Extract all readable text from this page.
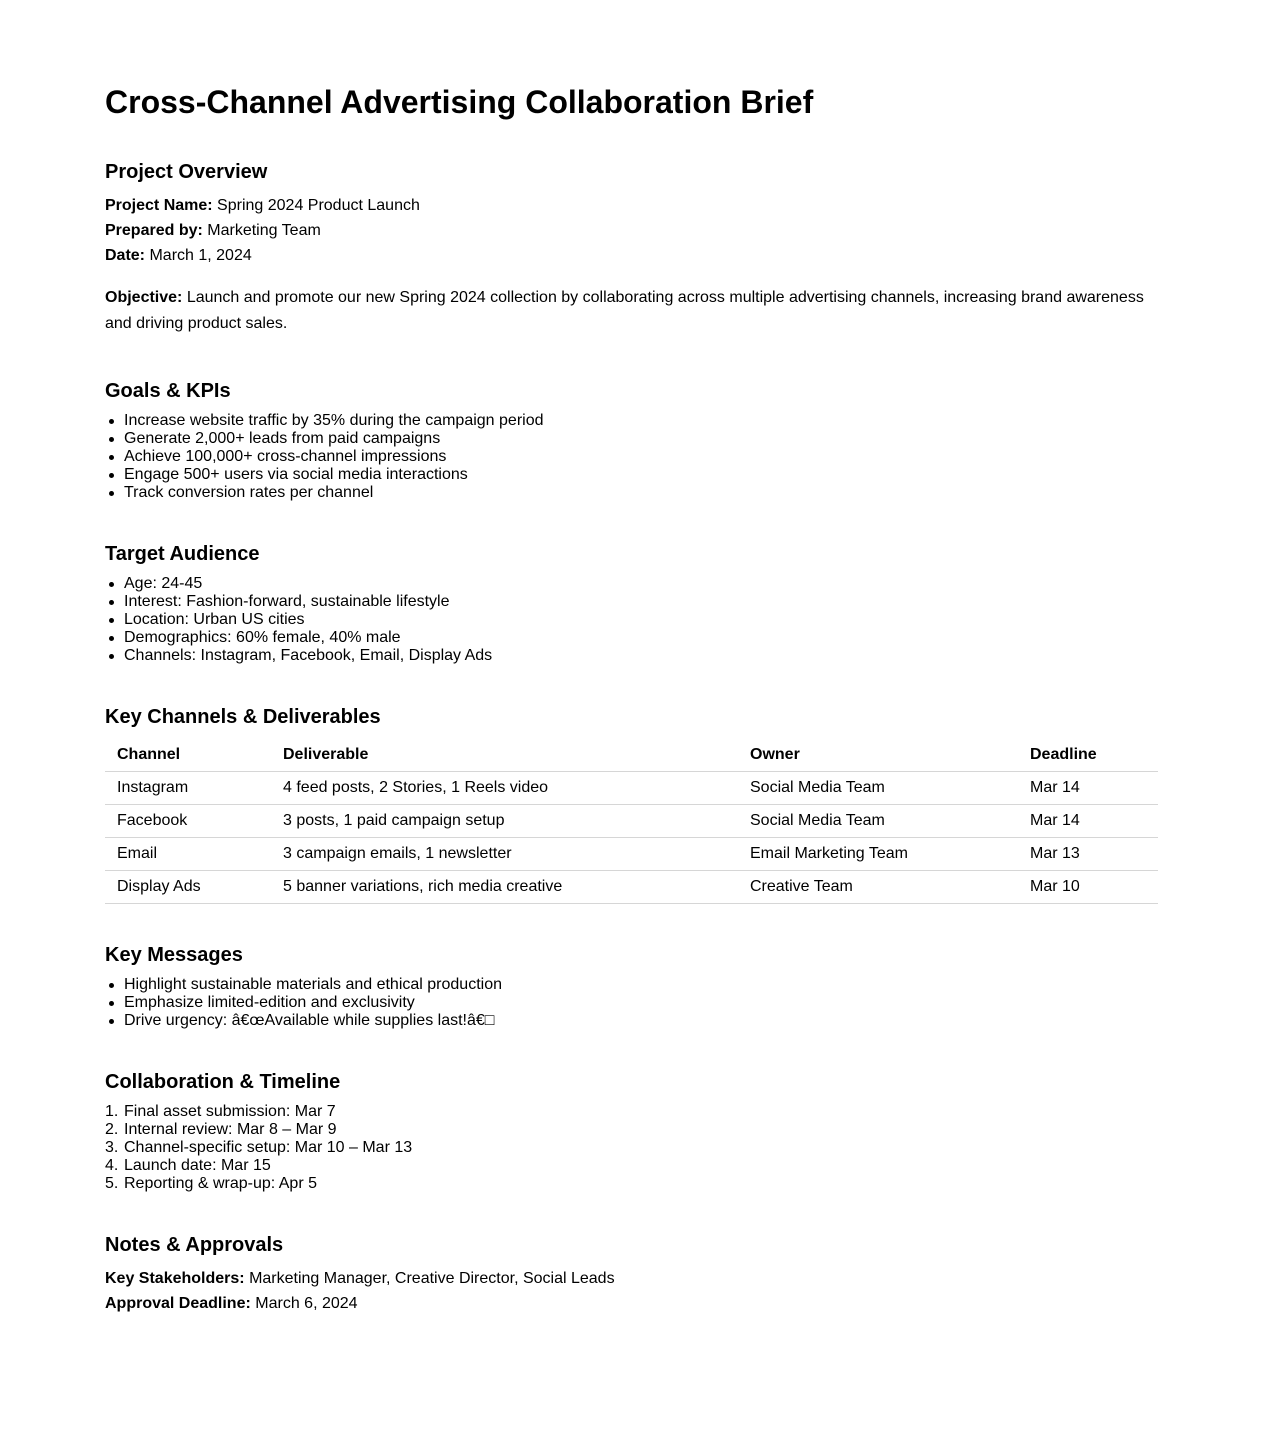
Cross-Channel Advertising Collaboration Brief
Project Overview

Project Name: Spring 2024 Product Launch

Prepared by: Marketing Team

Date: March 1, 2024

Objective: Launch and promote our new Spring 2024 collection by collaborating across multiple advertising channels, increasing brand awareness and driving product sales.

Goals & KPIs
Increase website traffic by 35% during the campaign period
Generate 2,000+ leads from paid campaigns
Achieve 100,000+ cross-channel impressions
Engage 500+ users via social media interactions
Track conversion rates per channel
Target Audience
Age: 24-45
Interest: Fashion-forward, sustainable lifestyle
Location: Urban US cities
Demographics: 60% female, 40% male
Channels: Instagram, Facebook, Email, Display Ads
Key Channels & Deliverables
Channel	Deliverable	Owner	Deadline
Instagram	4 feed posts, 2 Stories, 1 Reels video	Social Media Team	Mar 14
Facebook	3 posts, 1 paid campaign setup	Social Media Team	Mar 14
Email	3 campaign emails, 1 newsletter	Email Marketing Team	Mar 13
Display Ads	5 banner variations, rich media creative	Creative Team	Mar 10
Key Messages
Highlight sustainable materials and ethical production
Emphasize limited-edition and exclusivity
Drive urgency: â€œAvailable while supplies last!â€□
Collaboration & Timeline
1. Final asset submission: Mar 7
2. Internal review: Mar 8 – Mar 9
3. Channel-specific setup: Mar 10 – Mar 13
4. Launch date: Mar 15
5. Reporting & wrap-up: Apr 5
Notes & Approvals

Key Stakeholders: Marketing Manager, Creative Director, Social Leads

Approval Deadline: March 6, 2024
